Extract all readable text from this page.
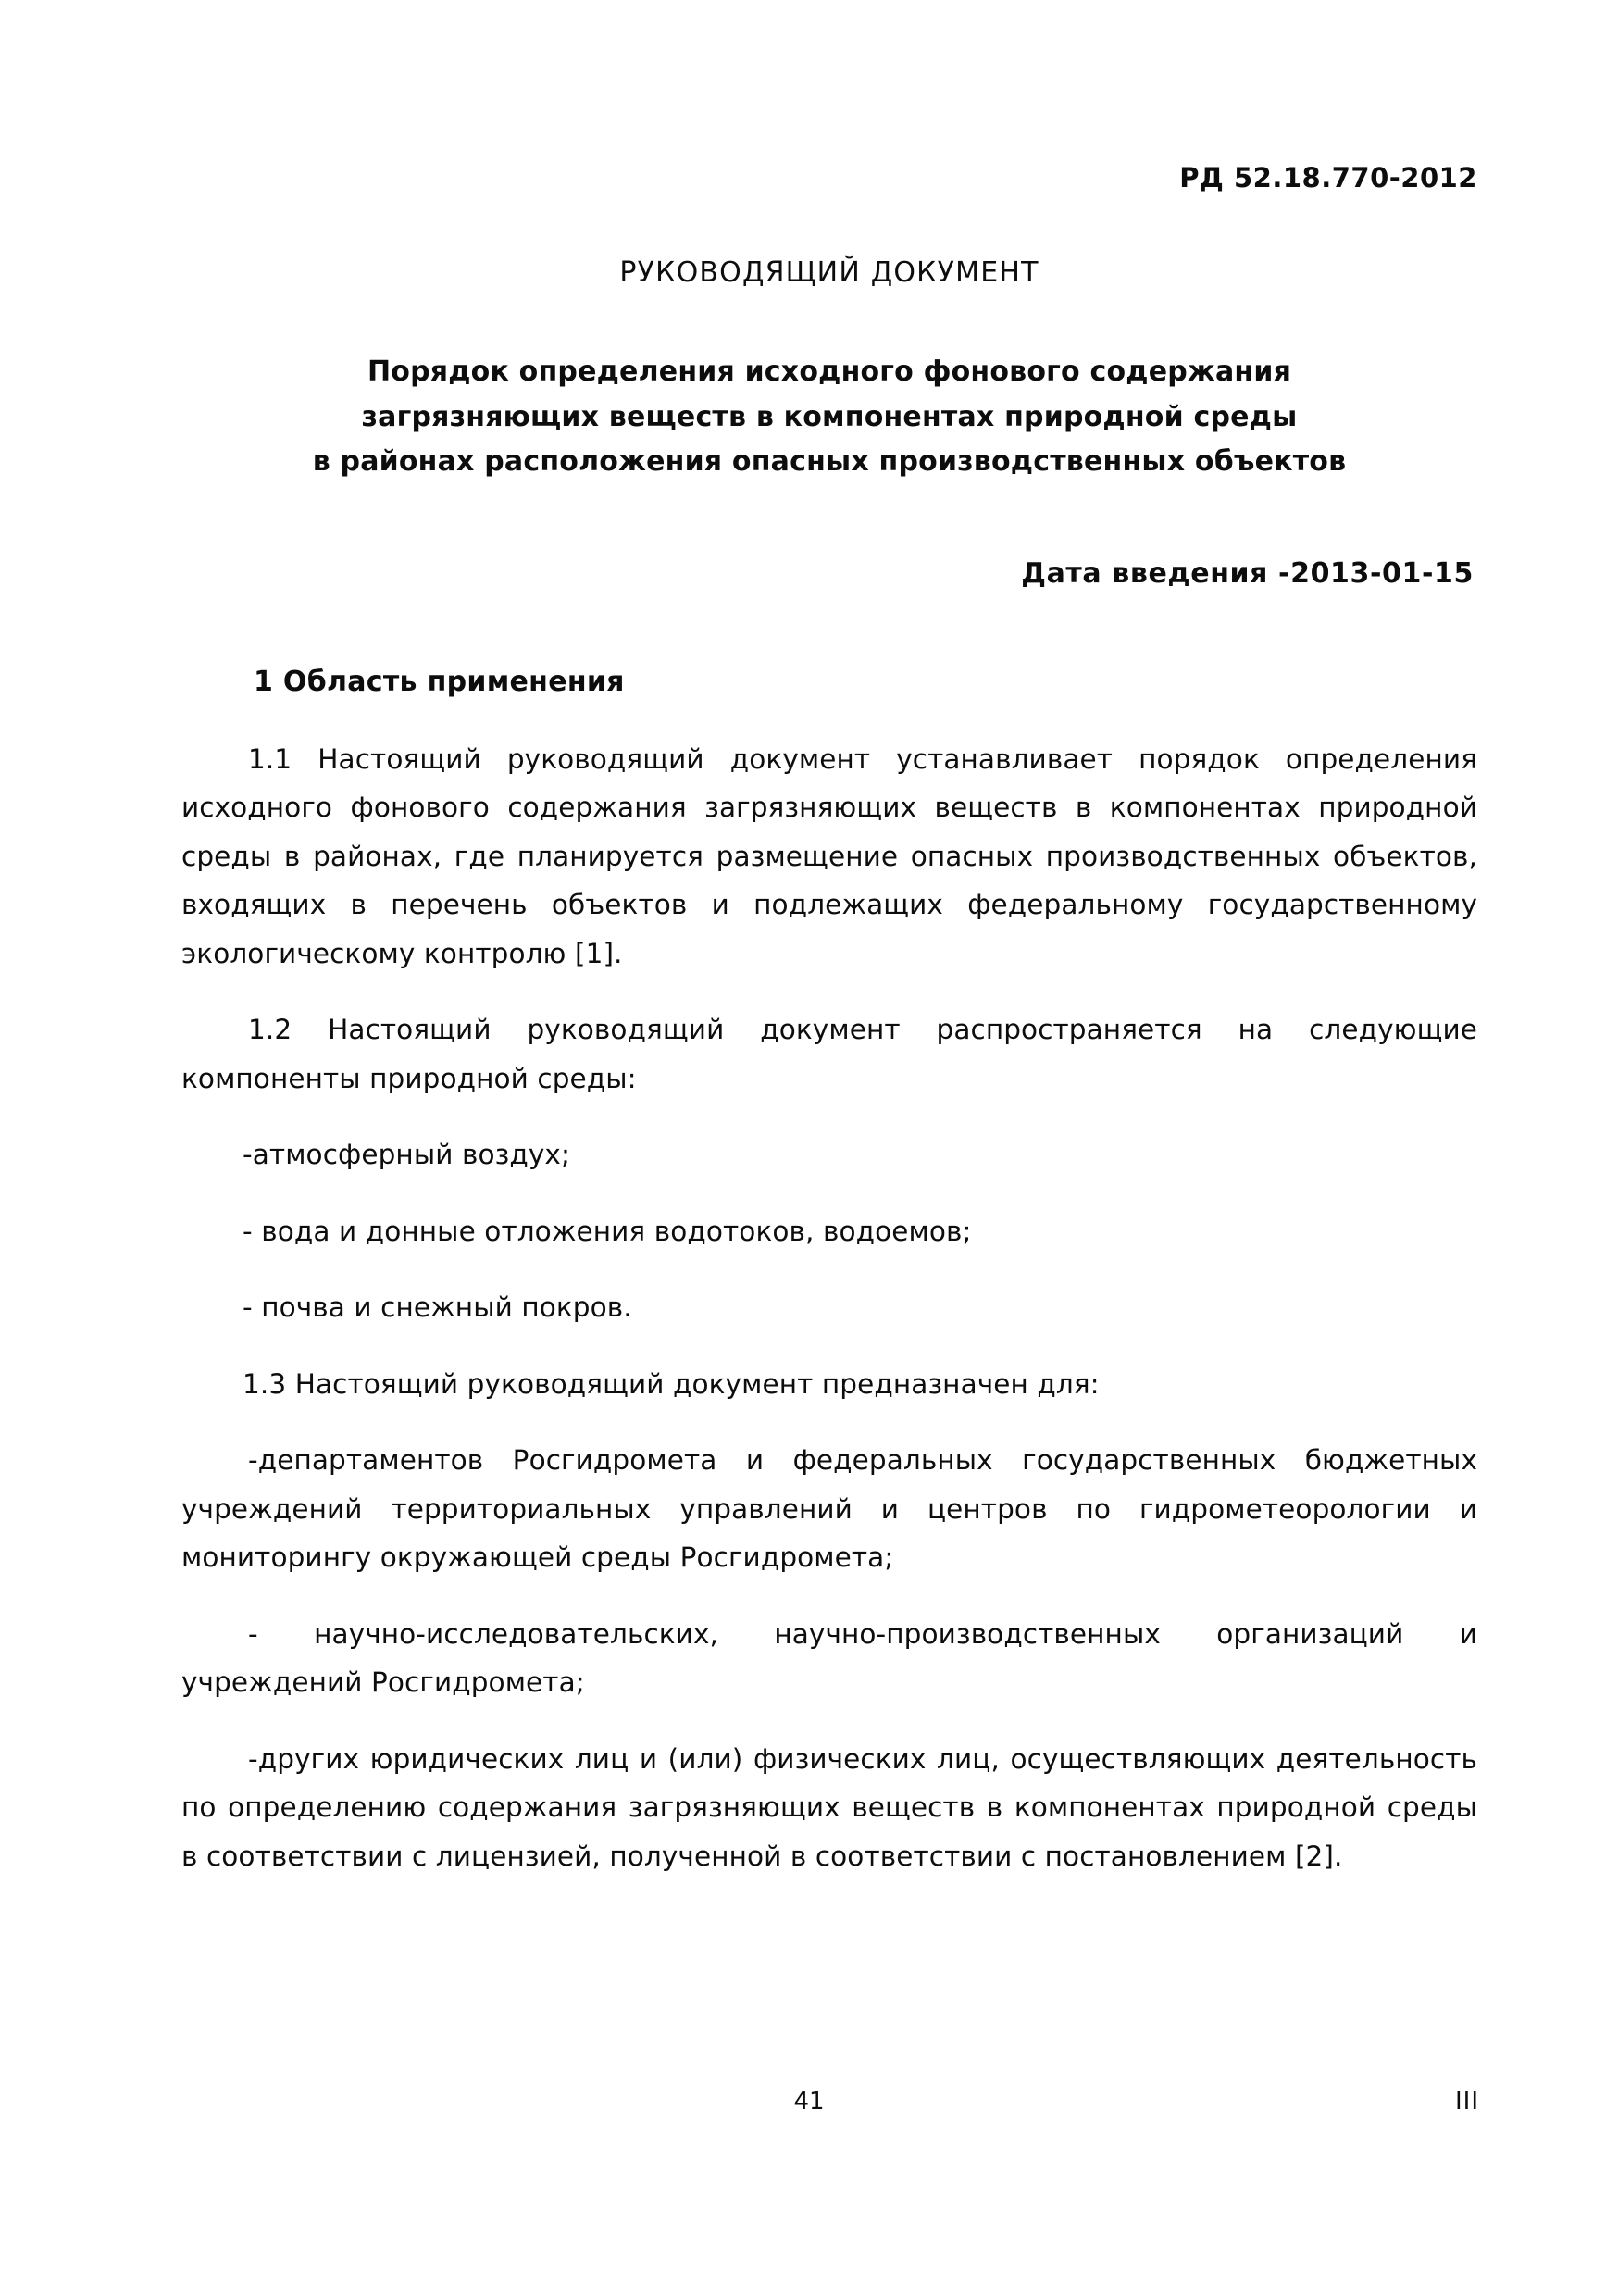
РД 52.18.770-2012
РУКОВОДЯЩИЙ ДОКУМЕНТ
Порядок определения исходного фонового содержания
загрязняющих веществ в компонентах природной среды
в районах расположения опасных производственных объектов
Дата введения -2013-01-15
1 Область применения

1.1 Настоящий руководящий документ устанавливает порядок определения исходного фонового содержания загрязняющих веществ в компонентах природной среды в районах, где планируется размещение опасных производственных объектов, входящих в перечень объектов и подлежащих федеральному государственному экологическому контролю [1].

1.2 Настоящий руководящий документ распространяется на следующие компоненты природной среды:

-атмосферный воздух;

- вода и донные отложения водотоков, водоемов;

- почва и снежный покров.

1.3 Настоящий руководящий документ предназначен для:

-департаментов Росгидромета и федеральных государственных бюджетных учреждений территориальных управлений и центров по гидрометеорологии и мониторингу окружающей среды Росгидромета;

- научно-исследовательских, научно-производственных организаций и учреждений Росгидромета;

-других юридических лиц и (или) физических лиц, осуществляющих деятельность по определению содержания загрязняющих веществ в компонентах природной среды в соответствии с лицензией, полученной в соответствии с постановлением [2].

41	III
